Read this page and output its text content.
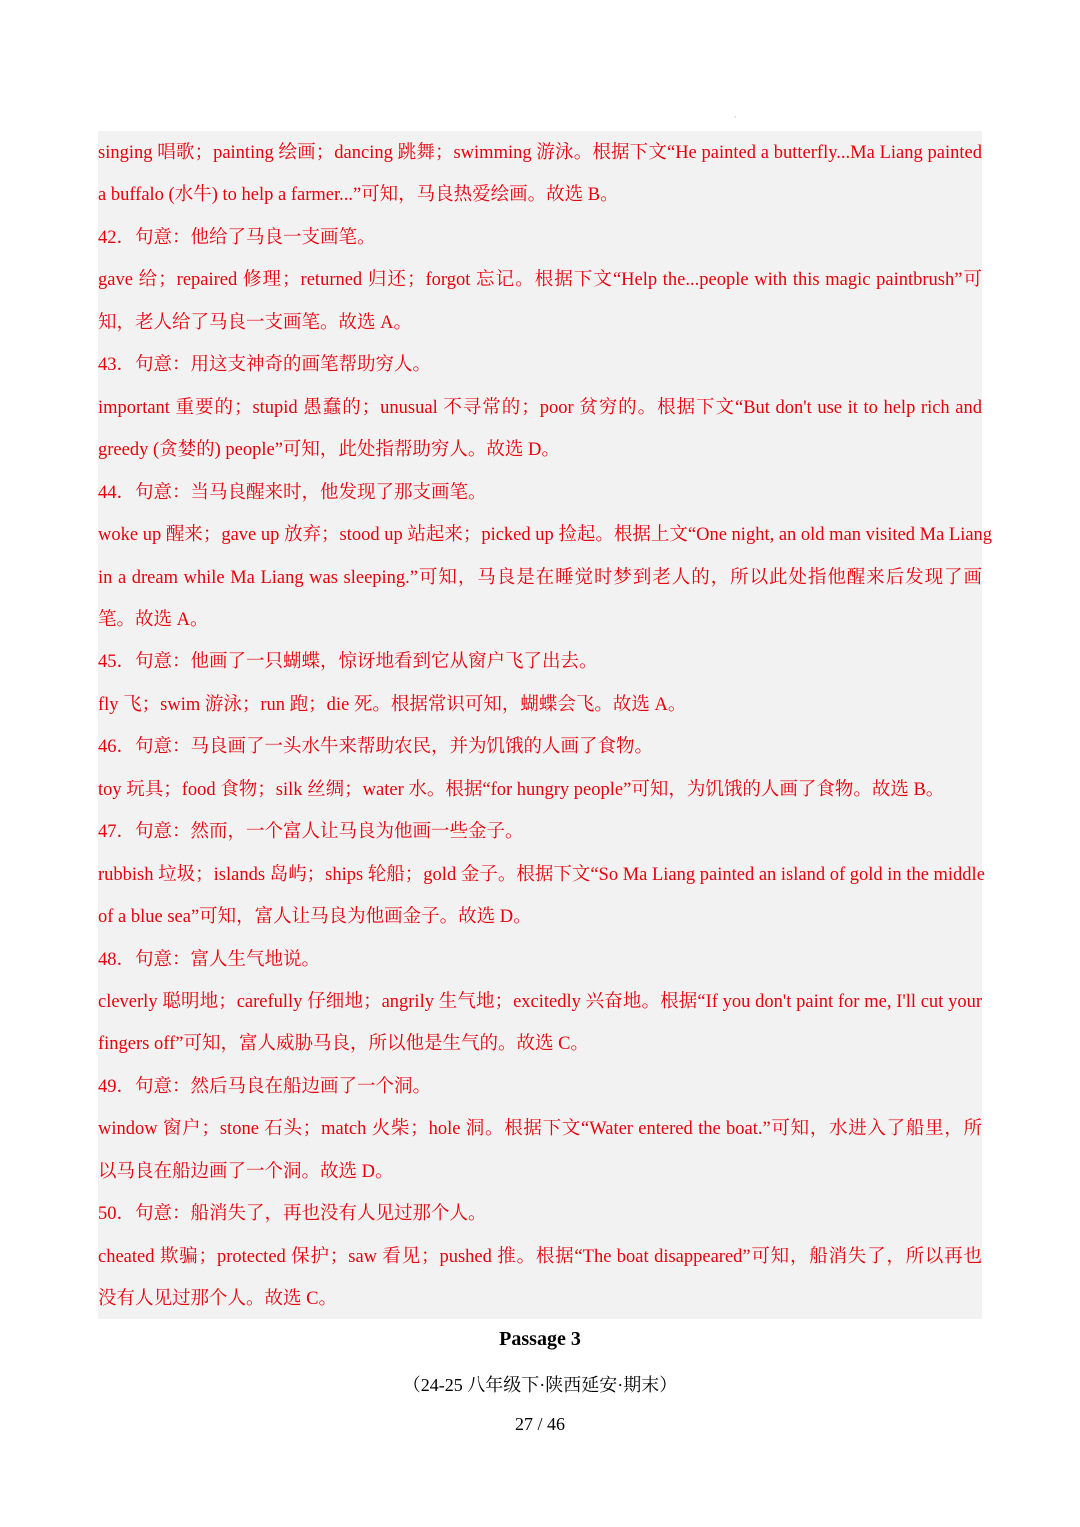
·
singing 唱歌；painting 绘画；dancing 跳舞；swimming 游泳。根据下文“He painted a butterfly...Ma Liang painted
a buffalo (水牛) to help a farmer...”可知，马良热爱绘画。故选 B。
42．句意：他给了马良一支画笔。
gave 给；repaired 修理；returned 归还；forgot 忘记。根据下文“Help the...people with this magic paintbrush”可
知，老人给了马良一支画笔。故选 A。
43．句意：用这支神奇的画笔帮助穷人。
important 重要的；stupid 愚蠢的；unusual 不寻常的；poor 贫穷的。根据下文“But don't use it to help rich and
greedy (贪婪的) people”可知，此处指帮助穷人。故选 D。
44．句意：当马良醒来时，他发现了那支画笔。
woke up 醒来；gave up 放弃；stood up 站起来；picked up 捡起。根据上文“One night, an old man visited Ma Liang
in a dream while Ma Liang was sleeping.”可知，马良是在睡觉时梦到老人的，所以此处指他醒来后发现了画
笔。故选 A。
45．句意：他画了一只蝴蝶，惊讶地看到它从窗户飞了出去。
fly 飞；swim 游泳；run 跑；die 死。根据常识可知，蝴蝶会飞。故选 A。
46．句意：马良画了一头水牛来帮助农民，并为饥饿的人画了食物。
toy 玩具；food 食物；silk 丝绸；water 水。根据“for hungry people”可知，为饥饿的人画了食物。故选 B。
47．句意：然而，一个富人让马良为他画一些金子。
rubbish 垃圾；islands 岛屿；ships 轮船；gold 金子。根据下文“So Ma Liang painted an island of gold in the middle
of a blue sea”可知，富人让马良为他画金子。故选 D。
48．句意：富人生气地说。
cleverly 聪明地；carefully 仔细地；angrily 生气地；excitedly 兴奋地。根据“If you don't paint for me, I'll cut your
fingers off”可知，富人威胁马良，所以他是生气的。故选 C。
49．句意：然后马良在船边画了一个洞。
window 窗户；stone 石头；match 火柴；hole 洞。根据下文“Water entered the boat.”可知，水进入了船里，所
以马良在船边画了一个洞。故选 D。
50．句意：船消失了，再也没有人见过那个人。
cheated 欺骗；protected 保护；saw 看见；pushed 推。根据“The boat disappeared”可知，船消失了，所以再也
没有人见过那个人。故选 C。
Passage 3
（24-25 八年级下·陕西延安·期末）
27 / 46
